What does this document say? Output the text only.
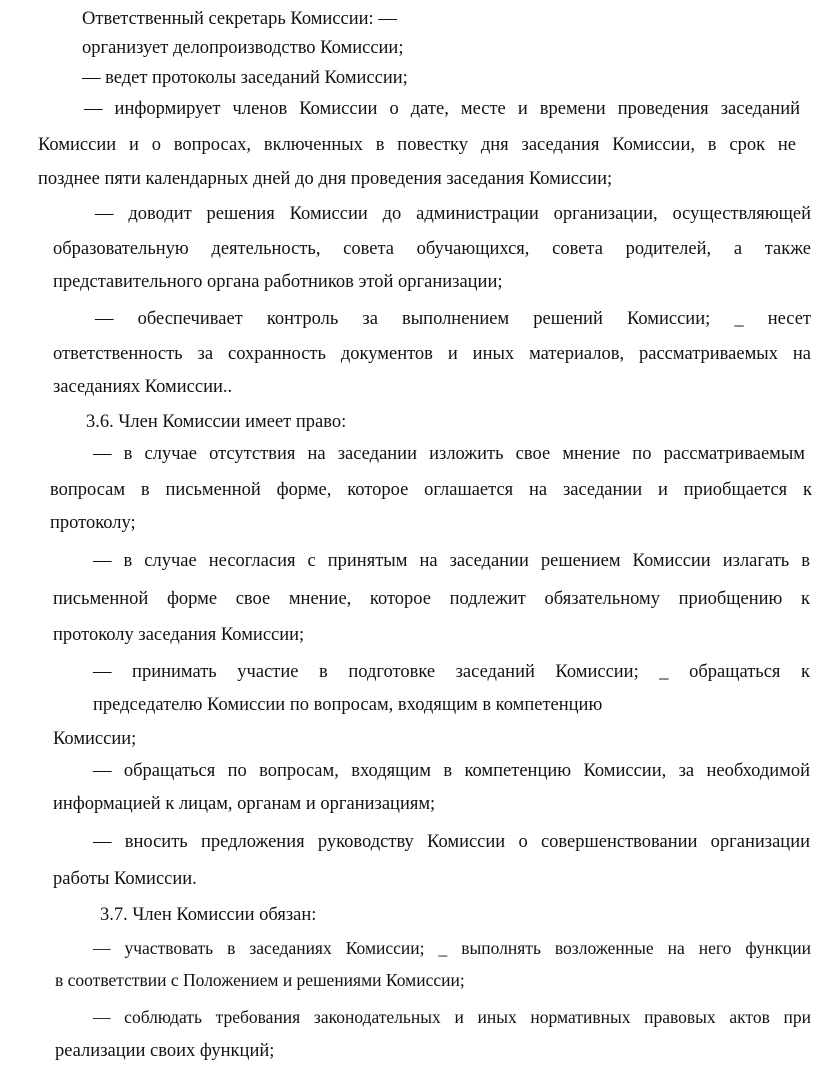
Ответственный секретарь Комиссии: —
организует делопроизводство Комиссии;
— ведет протоколы заседаний Комиссии;
— информирует членов Комиссии о дате, месте и времени проведения заседаний
Комиссии и о вопросах, включенных в повестку дня заседания Комиссии, в срок не
позднее пяти календарных дней до дня проведения заседания Комиссии;
— доводит решения Комиссии до администрации организации, осуществляющей
образовательную деятельность, совета обучающихся, совета родителей, а также
представительного органа работников этой организации;
— обеспечивает контроль за выполнением решений Комиссии; _ несет
ответственность за сохранность документов и иных материалов, рассматриваемых на
заседаниях Комиссии..
3.6. Член Комиссии имеет право:
— в случае отсутствия на заседании изложить свое мнение по рассматриваемым
вопросам в письменной форме, которое оглашается на заседании и приобщается к
протоколу;
— в случае несогласия с принятым на заседании решением Комиссии излагать в
письменной форме свое мнение, которое подлежит обязательному приобщению к
протоколу заседания Комиссии;
— принимать участие в подготовке заседаний Комиссии; _ обращаться к
председателю Комиссии по вопросам, входящим в компетенцию
Комиссии;
— обращаться по вопросам, входящим в компетенцию Комиссии, за необходимой
информацией к лицам, органам и организациям;
— вносить предложения руководству Комиссии о совершенствовании организации
работы Комиссии.
3.7. Член Комиссии обязан:
— участвовать в заседаниях Комиссии; _ выполнять возложенные на него функции
в соответствии с Положением и решениями Комиссии;
— соблюдать требования законодательных и иных нормативных правовых актов при
реализации своих функций;
